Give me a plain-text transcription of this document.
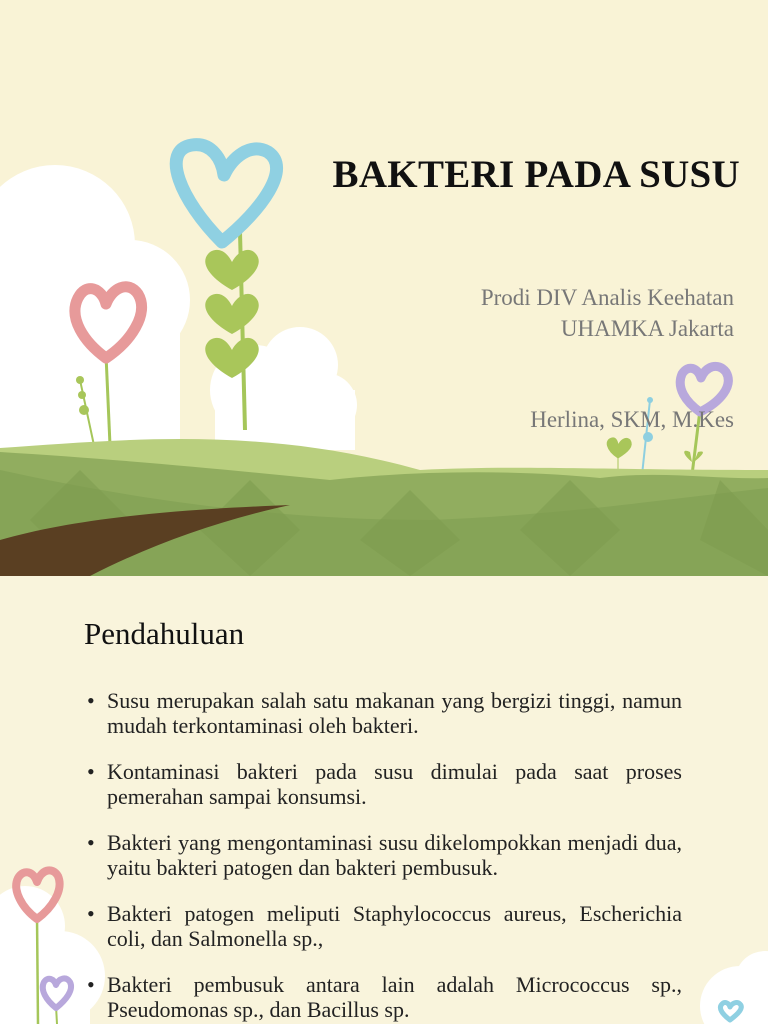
BAKTERI PADA SUSU
Prodi DIV Analis Keehatan
UHAMKA Jakarta
Herlina, SKM, M.Kes
Pendahuluan
• Susu merupakan salah satu makanan yang bergizi tinggi, namun mudah terkontaminasi oleh bakteri.
• Kontaminasi bakteri pada susu dimulai pada saat proses pemerahan sampai konsumsi.
• Bakteri yang mengontaminasi susu dikelompokkan menjadi dua, yaitu bakteri patogen dan bakteri pembusuk.
• Bakteri patogen meliputi Staphylococcus aureus, Escherichia coli, dan Salmonella sp.,
• Bakteri pembusuk antara lain adalah Micrococcus sp., Pseudomonas sp., dan Bacillus sp.
